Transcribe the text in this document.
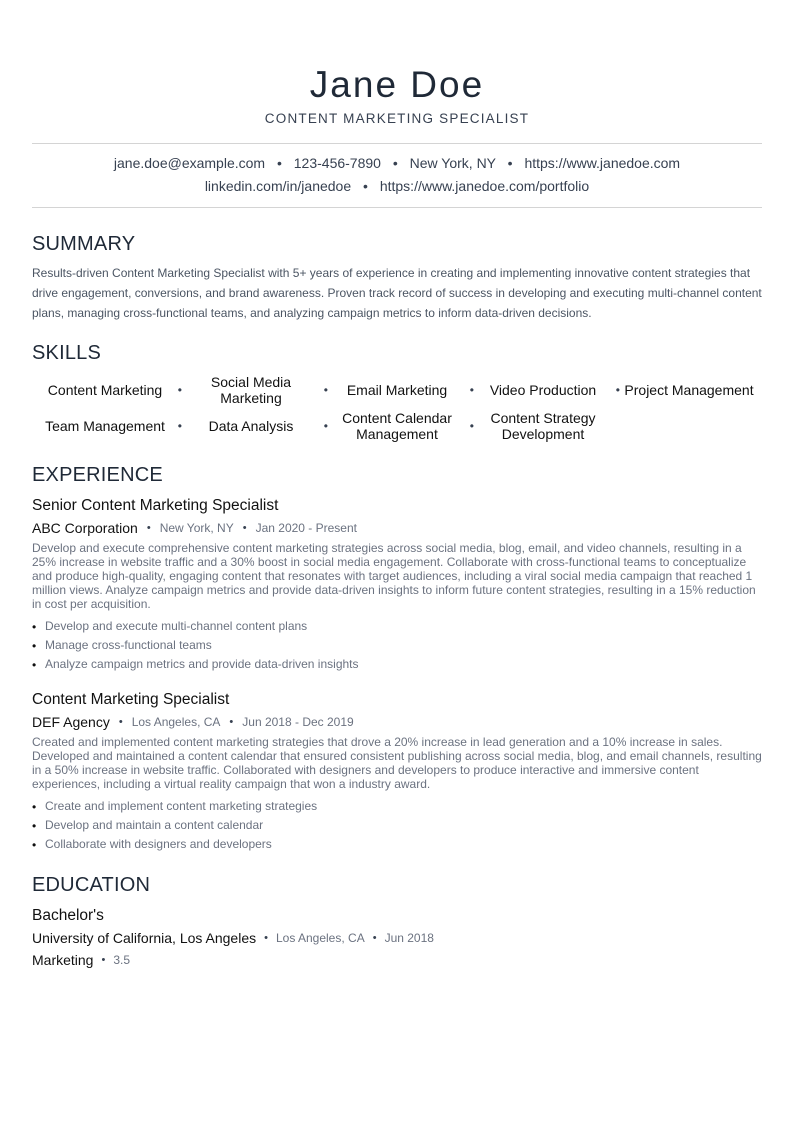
Jane Doe
CONTENT MARKETING SPECIALIST
jane.doe@example.com • 123-456-7890 • New York, NY • https://www.janedoe.com
linkedin.com/in/janedoe • https://www.janedoe.com/portfolio
SUMMARY

Results-driven Content Marketing Specialist with 5+ years of experience in creating and implementing innovative content strategies that drive engagement, conversions, and brand awareness. Proven track record of success in developing and executing multi-channel content plans, managing cross-functional teams, and analyzing campaign metrics to inform data-driven decisions.

SKILLS
Content Marketing	•	Social Media Marketing	•	Email Marketing	•	Video Production	• Project Management
Team Management	•	Data Analysis	•	Content Calendar Management	•	Content Strategy Development
EXPERIENCE
Senior Content Marketing Specialist
ABC Corporation • New York, NY • Jan 2020 - Present

Develop and execute comprehensive content marketing strategies across social media, blog, email, and video channels, resulting in a 25% increase in website traffic and a 30% boost in social media engagement. Collaborate with cross-functional teams to conceptualize and produce high-quality, engaging content that resonates with target audiences, including a viral social media campaign that reached 1 million views. Analyze campaign metrics and provide data-driven insights to inform future content strategies, resulting in a 15% reduction in cost per acquisition.

• Develop and execute multi-channel content plans
• Manage cross-functional teams
• Analyze campaign metrics and provide data-driven insights
Content Marketing Specialist
DEF Agency • Los Angeles, CA • Jun 2018 - Dec 2019

Created and implemented content marketing strategies that drove a 20% increase in lead generation and a 10% increase in sales. Developed and maintained a content calendar that ensured consistent publishing across social media, blog, and email channels, resulting in a 50% increase in website traffic. Collaborated with designers and developers to produce interactive and immersive content experiences, including a virtual reality campaign that won a industry award.

• Create and implement content marketing strategies
• Develop and maintain a content calendar
• Collaborate with designers and developers
EDUCATION
Bachelor's
University of California, Los Angeles • Los Angeles, CA • Jun 2018
Marketing • 3.5
